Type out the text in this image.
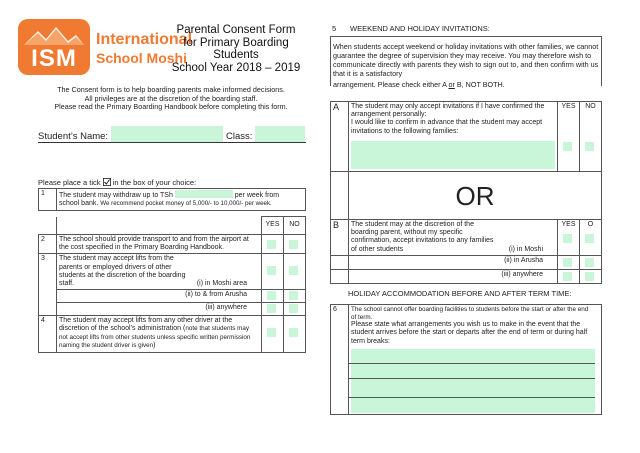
ISM
International
School Moshi
Parental Consent Form
for Primary Boarding
Students
School Year 2018 – 2019
The Consent form is to help boarding parents make informed decisions.
All privileges are at the discretion of the boarding staff.
Please read the Primary Boarding Handbook before completing this form.
Student’s Name:	Class:
Please place a tick in the box of your choice:
1	The student may withdraw up to TSh	per week from
school bank. We recommend pocket money of 5,000/- to 10,000/- per week.
		YES	NO
2	The school should provide transport to and from the airport at the cost specified in the Primary Boarding Handbook.	

3	The student may accept lifts from the parents or employed drivers of other students at the discretion of the boarding staff. (i) in Moshi area		

	(ii) to & from Arusha	

	(iii) anywhere	

4	The student may accept lifts from any other driver at the discretion of the school’s administration (note that students may not accept lifts from other students unless specific written permission naming the student driver is given)	

5 WEEKEND AND HOLIDAY INVITATIONS:
When students accept weekend or holiday invitations with other families, we cannot guarantee the degree of supervision they may receive. You may therefore wish to communicate directly with parents they wish to sign out to, and then confirm with us that it is a satisfactory
arrangement. Please check either A or B, NOT BOTH.
A	The student may only accept invitations if I have confirmed the arrangement personally:
I would like to confirm in advance that the student may accept invitations to the following families:	YES	NO

	OR		
B	The student may at the discretion of the boarding parent, without my specific confirmation, accept invitations to any families of other students (i) in Moshi	YES	O

	(ii) in Arusha	

	(iii) anywhere	

HOLIDAY ACCOMMODATION BEFORE AND AFTER TERM TIME:
6	The school cannot offer boarding facilities to students before the start or after the end of term.
Please state what arrangements you wish us to make in the event that the student arrives before the start or departs after the end of term or during half term breaks:
